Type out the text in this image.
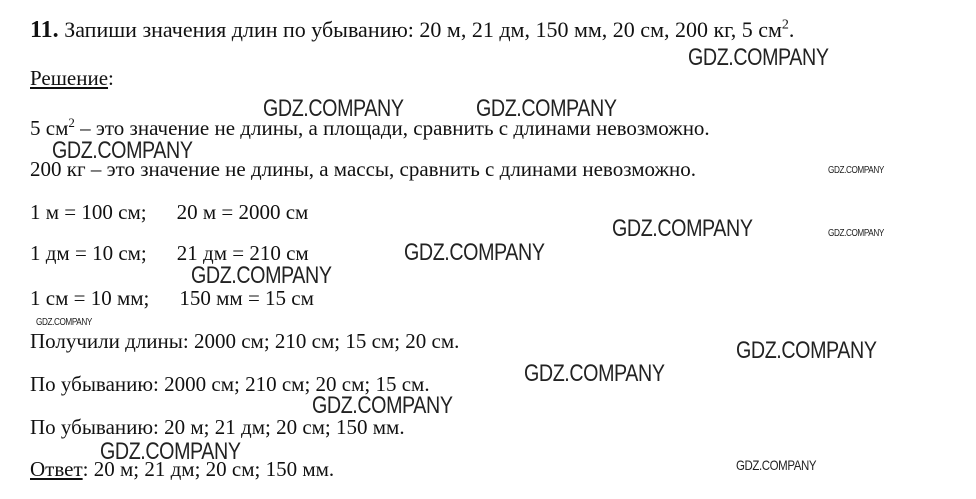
11. Запиши значения длин по убыванию: 20 м, 21 дм, 150 мм, 20 см, 200 кг, 5 $см^2$.
Решение:
5 $см^2$ – это значение не длины, а площади, сравнить с длинами невозможно.
200 кг – это значение не длины, а массы, сравнить с длинами невозможно.
1 м = 100 см; 20 м = 2000 см
1 дм = 10 см; 21 дм = 210 см
1 см = 10 мм; 150 мм = 15 см
Получили длины: 2000 см; 210 см; 15 см; 20 см.
По убыванию: 2000 см; 210 см; 20 см; 15 см.
По убыванию: 20 м; 21 дм; 20 см; 150 мм.
Ответ: 20 м; 21 дм; 20 см; 150 мм.
GDZ.COMPANY
GDZ.COMPANY	GDZ.COMPANY
GDZ.COMPANY
GDZ.COMPANY
GDZ.COMPANY	GDZ.COMPANY
GDZ.COMPANY
GDZ.COMPANY
GDZ.COMPANY
GDZ.COMPANY
GDZ.COMPANY
GDZ.COMPANY
GDZ.COMPANY	GDZ.COMPANY
